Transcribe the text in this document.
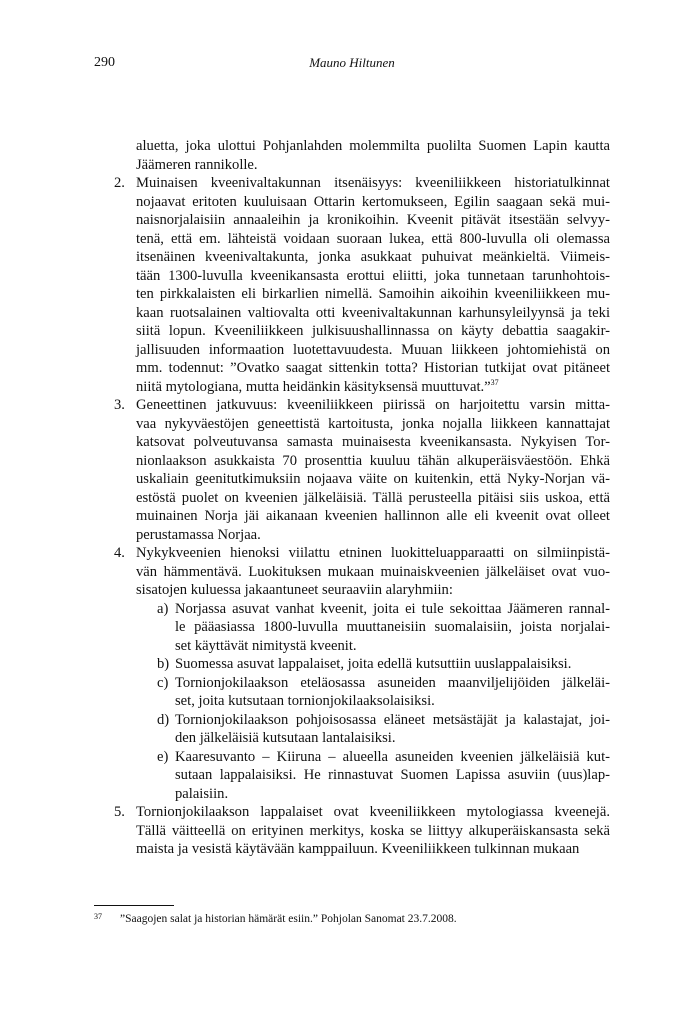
290	Mauno Hiltunen
aluetta, joka ulottui Pohjanlahden molemmilta puolilta Suomen Lapin kautta
Jäämeren rannikolle.
2. Muinaisen kveenivaltakunnan itsenäisyys: kveeniliikkeen historiatulkinnat
nojaavat eritoten kuuluisaan Ottarin kertomukseen, Egilin saagaan sekä mui-
naisnorjalaisiin annaaleihin ja kronikoihin. Kveenit pitävät itsestään selvyy-
tenä, että em. lähteistä voidaan suoraan lukea, että 800-luvulla oli olemassa
itsenäinen kveenivaltakunta, jonka asukkaat puhuivat meänkieltä. Viimeis-
tään 1300-luvulla kveenikansasta erottui eliitti, joka tunnetaan tarunhohtois-
ten pirkkalaisten eli birkarlien nimellä. Samoihin aikoihin kveeniliikkeen mu-
kaan ruotsalainen valtiovalta otti kveenivaltakunnan karhunsyleilyynsä ja teki
siitä lopun. Kveeniliikkeen julkisuushallinnassa on käyty debattia saagakir-
jallisuuden informaation luotettavuudesta. Muuan liikkeen johtomiehistä on
mm. todennut: ”Ovatko saagat sittenkin totta? Historian tutkijat ovat pitäneet
niitä mytologiana, mutta heidänkin käsityksensä muuttuvat.”$^{37}$
3. Geneettinen jatkuvuus: kveeniliikkeen piirissä on harjoitettu varsin mitta-
vaa nykyväestöjen geneettistä kartoitusta, jonka nojalla liikkeen kannattajat
katsovat polveutuvansa samasta muinaisesta kveenikansasta. Nykyisen Tor-
nionlaakson asukkaista 70 prosenttia kuuluu tähän alkuperäisväestöön. Ehkä
uskaliain geenitutkimuksiin nojaava väite on kuitenkin, että Nyky-Norjan vä-
estöstä puolet on kveenien jälkeläisiä. Tällä perusteella pitäisi siis uskoa, että
muinainen Norja jäi aikanaan kveenien hallinnon alle eli kveenit ovat olleet
perustamassa Norjaa.
4. Nykykveenien hienoksi viilattu etninen luokitteluapparaatti on silmiinpistä-
vän hämmentävä. Luokituksen mukaan muinaiskveenien jälkeläiset ovat vuo-
sisatojen kuluessa jakaantuneet seuraaviin alaryhmiin:
a) Norjassa asuvat vanhat kveenit, joita ei tule sekoittaa Jäämeren rannal-
le pääasiassa 1800-luvulla muuttaneisiin suomalaisiin, joista norjalai-
set käyttävät nimitystä kveenit.
b) Suomessa asuvat lappalaiset, joita edellä kutsuttiin uuslappalaisiksi.
c) Tornionjokilaakson eteläosassa asuneiden maanviljelijöiden jälkeläi-
set, joita kutsutaan tornionjokilaaksolaisiksi.
d) Tornionjokilaakson pohjoisosassa eläneet metsästäjät ja kalastajat, joi-
den jälkeläisiä kutsutaan lantalaisiksi.
e) Kaaresuvanto – Kiiruna – alueella asuneiden kveenien jälkeläisiä kut-
sutaan lappalaisiksi. He rinnastuvat Suomen Lapissa asuviin (uus)lap-
palaisiin.
5. Tornionjokilaakson lappalaiset ovat kveeniliikkeen mytologiassa kveenejä.
Tällä väitteellä on erityinen merkitys, koska se liittyy alkuperäiskansasta sekä
maista ja vesistä käytävään kamppailuun. Kveeniliikkeen tulkinnan mukaan
37	”Saagojen salat ja historian hämärät esiin.” Pohjolan Sanomat 23.7.2008.
